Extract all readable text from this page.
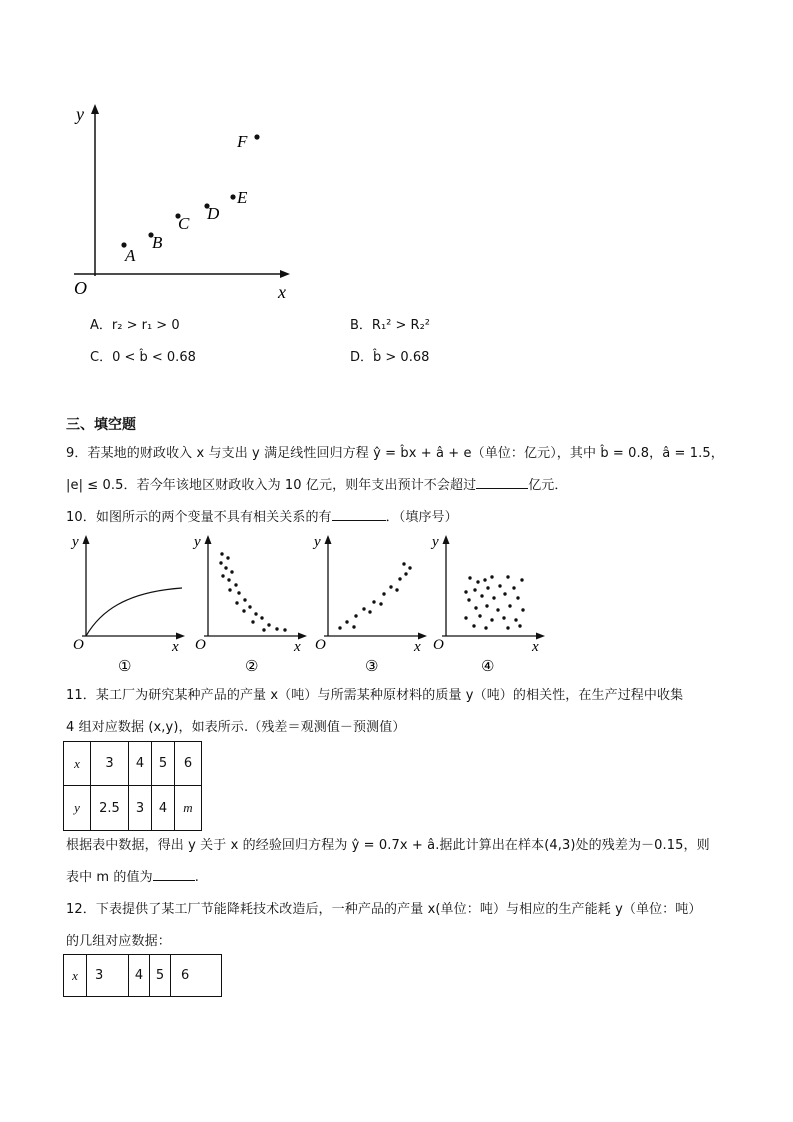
y
x
O
A
B
C
D
E
F
A．r₂ > r₁ > 0	B．R₁² > R₂²
C．0 < b̂ < 0.68	D．b̂ > 0.68
三、填空题
9．若某地的财政收入 x 与支出 y 满足线性回归方程 ŷ = b̂x + â + e（单位：亿元），其中 b̂ = 0.8，â = 1.5，
|e| ≤ 0.5．若今年该地区财政收入为 10 亿元，则年支出预计不会超过	亿元．
10．如图所示的两个变量不具有相关关系的有	．（填序号）
y
x
O
①
y
x
O
②
y
x
O
③
y
x
O
④
11．某工厂为研究某种产品的产量 x（吨）与所需某种原材料的质量 y（吨）的相关性，在生产过程中收集
4 组对应数据 (x,y)，如表所示.（残差＝观测值－预测值）
x	3	4	5	6
y	2.5	3	4	m
根据表中数据，得出 y 关于 x 的经验回归方程为 ŷ = 0.7x + â.据此计算出在样本(4,3)处的残差为－0.15，则
表中 m 的值为	.
12．下表提供了某工厂节能降耗技术改造后，一种产品的产量 x(单位：吨）与相应的生产能耗 y（单位：吨）
的几组对应数据：
x	3	4	5	6
